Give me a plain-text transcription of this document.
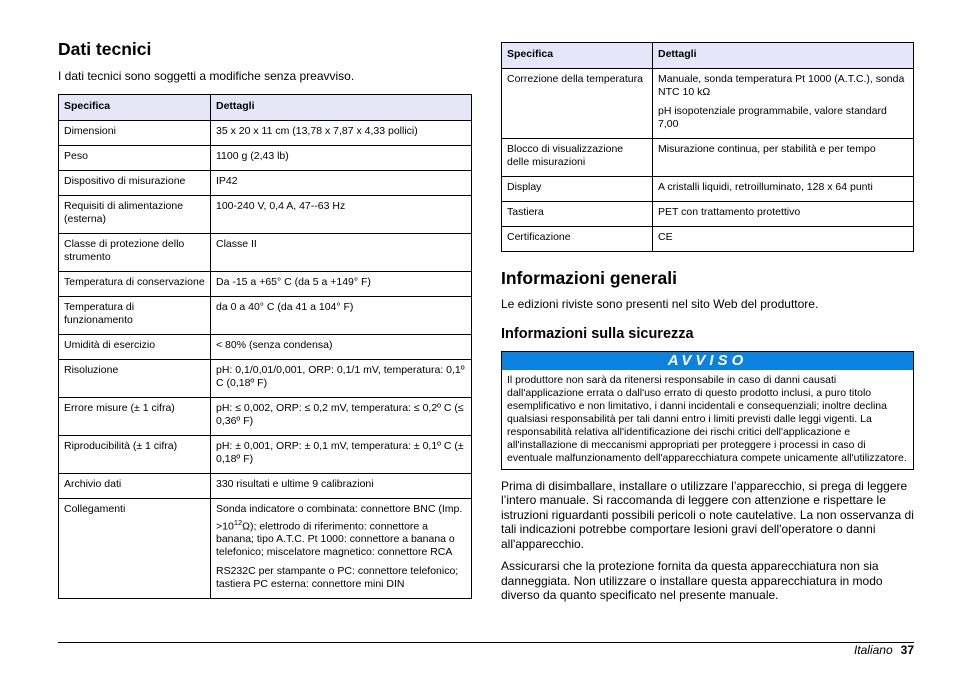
Dati tecnici

I dati tecnici sono soggetti a modifiche senza preavviso.

Specifica	Dettagli
Dimensioni	35 x 20 x 11 cm (13,78 x 7,87 x 4,33 pollici)
Peso	1100 g (2,43 lb)
Dispositivo di misurazione	IP42
Requisiti di alimentazione (esterna)	100-240 V, 0,4 A, 47--63 Hz
Classe di protezione dello strumento	Classe II
Temperatura di conservazione	Da -15 a +65° C (da 5 a +149° F)
Temperatura di funzionamento	da 0 a 40° C (da 41 a 104° F)
Umidità di esercizio	< 80% (senza condensa)
Risoluzione	pH: 0,1/0,01/0,001, ORP: 0,1/1 mV, temperatura: 0,1º C (0,18º F)
Errore misure (± 1 cifra)	pH: ≤ 0,002, ORP: ≤ 0,2 mV, temperatura: ≤ 0,2º C (≤ 0,36º F)
Riproducibilità (± 1 cifra)	pH: ± 0,001, ORP: ± 0,1 mV, temperatura: ± 0,1º C (± 0,18º F)
Archivio dati	330 risultati e ultime 9 calibrazioni
Collegamenti	Sonda indicatore o combinata: connettore BNC (Imp. $>10^{12}\Omega$); elettrodo di riferimento: connettore a banana; tipo A.T.C. Pt 1000: connettore a banana o telefonico; miscelatore magnetico: connettore RCA

RS232C per stampante o PC: connettore telefonico; tastiera PC esterna: connettore mini DIN

Specifica	Dettagli
Correzione della temperatura	Manuale, sonda temperatura Pt 1000 (A.T.C.), sonda NTC 10 kΩ

pH isopotenziale programmabile, valore standard 7,00

Blocco di visualizzazione delle misurazioni	Misurazione continua, per stabilità e per tempo
Display	A cristalli liquidi, retroilluminato, 128 x 64 punti
Tastiera	PET con trattamento protettivo
Certificazione	CE
Informazioni generali

Le edizioni riviste sono presenti nel sito Web del produttore.

Informazioni sulla sicurezza
AVVISO
Il produttore non sarà da ritenersi responsabile in caso di danni causati dall'applicazione errata o dall'uso errato di questo prodotto inclusi, a puro titolo esemplificativo e non limitativo, i danni incidentali e consequenziali; inoltre declina qualsiasi responsabilità per tali danni entro i limiti previsti dalle leggi vigenti. La responsabilità relativa all'identificazione dei rischi critici dell'applicazione e all'installazione di meccanismi appropriati per proteggere i processi in caso di eventuale malfunzionamento dell'apparecchiatura compete unicamente all'utilizzatore.

Prima di disimballare, installare o utilizzare l’apparecchio, si prega di leggere l’intero manuale. Si raccomanda di leggere con attenzione e rispettare le istruzioni riguardanti possibili pericoli o note cautelative. La non osservanza di tali indicazioni potrebbe comportare lesioni gravi dell'operatore o danni all'apparecchio.

Assicurarsi che la protezione fornita da questa apparecchiatura non sia danneggiata. Non utilizzare o installare questa apparecchiatura in modo diverso da quanto specificato nel presente manuale.

Italiano 37
